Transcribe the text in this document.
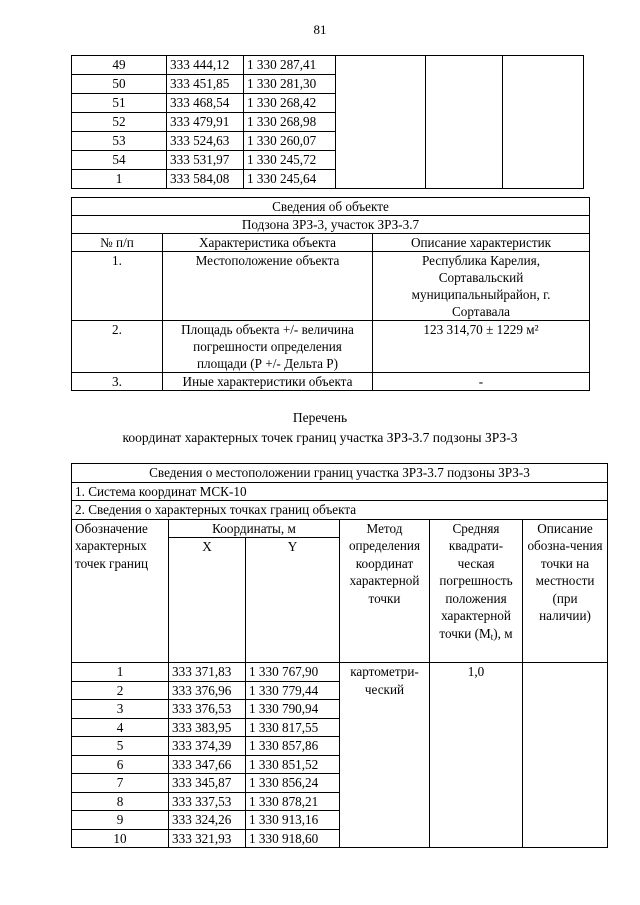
81
49	333 444,12	1 330 287,41			
50	333 451,85	1 330 281,30			
51	333 468,54	1 330 268,42			
52	333 479,91	1 330 268,98			
53	333 524,63	1 330 260,07			
54	333 531,97	1 330 245,72			
1	333 584,08	1 330 245,64			
Сведения об объекте		
Подзона ЗРЗ-3, участок ЗРЗ-3.7		
№ п/п	Характеристика объекта	Описание характеристик
1.	Местоположение объекта	Республика Карелия, Сортавальский муниципальныйрайон, г. Сортавала
2.	Площадь объекта +/- величина погрешности определения площади (Р +/- Дельта Р)	123 314,70 ± 1229 м²
3.	Иные характеристики объекта	-
Перечень
координат характерных точек границ участка ЗРЗ-3.7 подзоны ЗРЗ-3
Сведения о местоположении границ участка ЗРЗ-3.7 подзоны ЗРЗ-3					
1. Система координат МСК-10					
2. Сведения о характерных точках границ объекта					
Обозначение характерных точек границ	Координаты, м		Метод определения координат характерной точки	Средняя квадрати-ческая погрешность положения характерной точки $(M_t)$, м	Описание обозна-чения точки на местности (при наличии)
	X	Y			
1	333 371,83	1 330 767,90	картометри-ческий	1,0	
2	333 376,96	1 330 779,44			
3	333 376,53	1 330 790,94			
4	333 383,95	1 330 817,55			
5	333 374,39	1 330 857,86			
6	333 347,66	1 330 851,52			
7	333 345,87	1 330 856,24			
8	333 337,53	1 330 878,21			
9	333 324,26	1 330 913,16			
10	333 321,93	1 330 918,60			
